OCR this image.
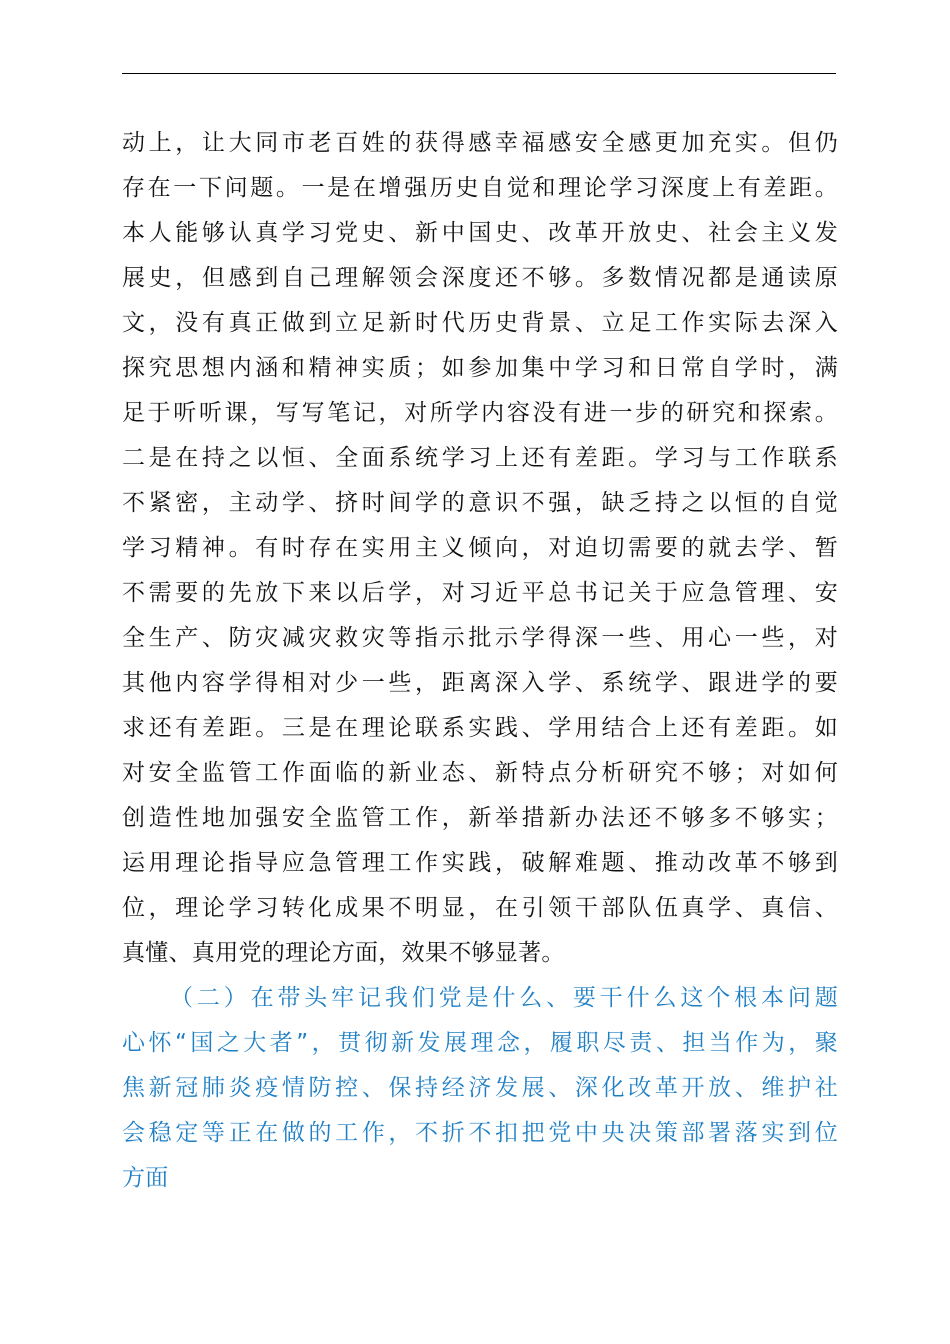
动上，让大同市老百姓的获得感幸福感安全感更加充实。但仍
存在一下问题。一是在增强历史自觉和理论学习深度上有差距。
本人能够认真学习党史、新中国史、改革开放史、社会主义发
展史，但感到自己理解领会深度还不够。多数情况都是通读原
文，没有真正做到立足新时代历史背景、立足工作实际去深入
探究思想内涵和精神实质；如参加集中学习和日常自学时，满
足于听听课，写写笔记，对所学内容没有进一步的研究和探索。
二是在持之以恒、全面系统学习上还有差距。学习与工作联系
不紧密，主动学、挤时间学的意识不强，缺乏持之以恒的自觉
学习精神。有时存在实用主义倾向，对迫切需要的就去学、暂
不需要的先放下来以后学，对习近平总书记关于应急管理、安
全生产、防灾减灾救灾等指示批示学得深一些、用心一些，对
其他内容学得相对少一些，距离深入学、系统学、跟进学的要
求还有差距。三是在理论联系实践、学用结合上还有差距。如
对安全监管工作面临的新业态、新特点分析研究不够；对如何
创造性地加强安全监管工作，新举措新办法还不够多不够实；
运用理论指导应急管理工作实践，破解难题、推动改革不够到
位，理论学习转化成果不明显，在引领干部队伍真学、真信、
真懂、真用党的理论方面，效果不够显著。
（二）在带头牢记我们党是什么、要干什么这个根本问题
心怀“国之大者”，贯彻新发展理念，履职尽责、担当作为，聚
焦新冠肺炎疫情防控、保持经济发展、深化改革开放、维护社
会稳定等正在做的工作，不折不扣把党中央决策部署落实到位
方面
